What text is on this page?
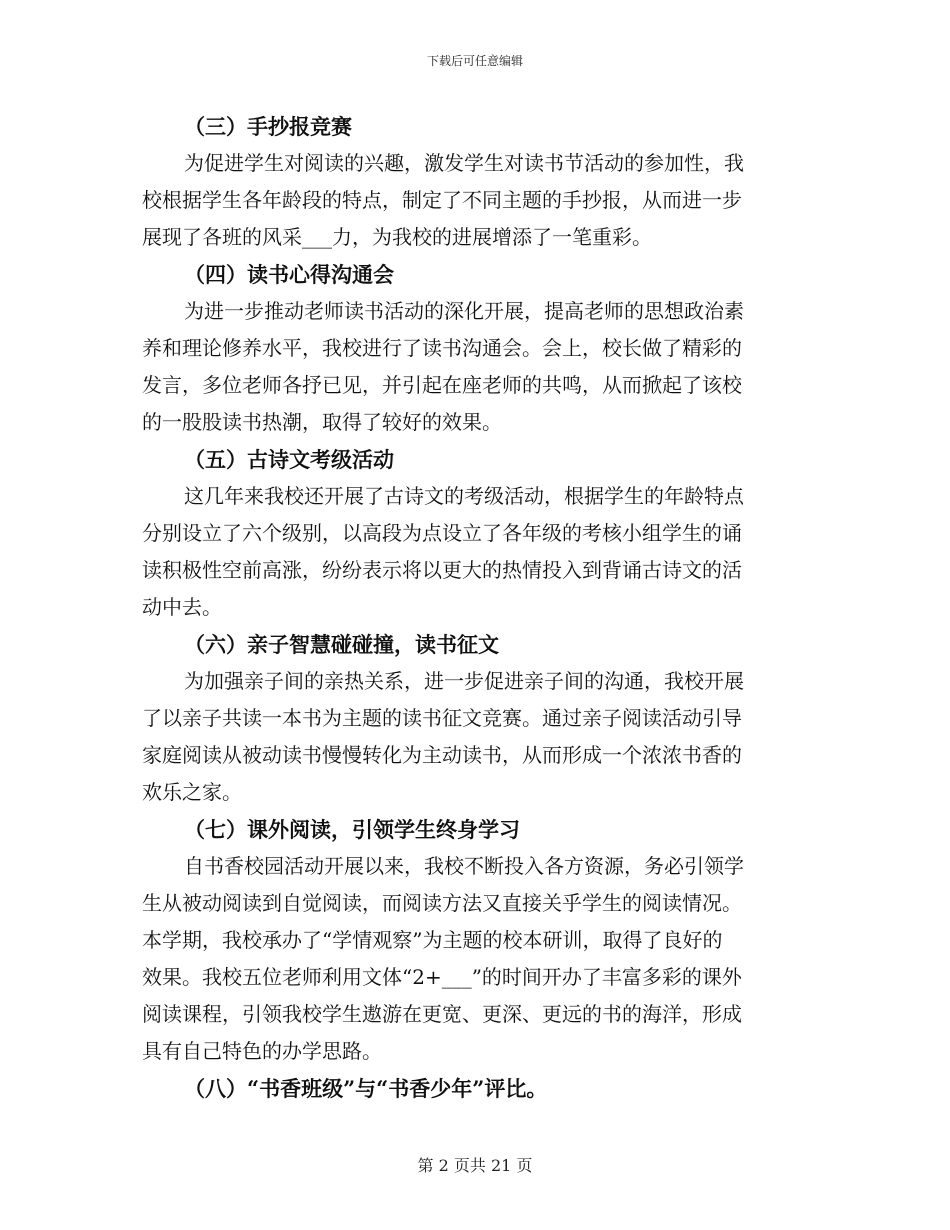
下载后可任意编辑
（三）手抄报竞赛

为促进学生对阅读的兴趣，激发学生对读书节活动的参加性，我
校根据学生各年龄段的特点，制定了不同主题的手抄报，从而进一步
展现了各班的风采___力，为我校的进展增添了一笔重彩。

（四）读书心得沟通会

为进一步推动老师读书活动的深化开展，提高老师的思想政治素
养和理论修养水平，我校进行了读书沟通会。会上，校长做了精彩的
发言，多位老师各抒已见，并引起在座老师的共鸣，从而掀起了该校
的一股股读书热潮，取得了较好的效果。

（五）古诗文考级活动

这几年来我校还开展了古诗文的考级活动，根据学生的年龄特点
分别设立了六个级别，以高段为点设立了各年级的考核小组学生的诵
读积极性空前高涨，纷纷表示将以更大的热情投入到背诵古诗文的活
动中去。

（六）亲子智慧碰碰撞，读书征文

为加强亲子间的亲热关系，进一步促进亲子间的沟通，我校开展
了以亲子共读一本书为主题的读书征文竞赛。通过亲子阅读活动引导
家庭阅读从被动读书慢慢转化为主动读书，从而形成一个浓浓书香的
欢乐之家。

（七）课外阅读，引领学生终身学习

自书香校园活动开展以来，我校不断投入各方资源，务必引领学
生从被动阅读到自觉阅读，而阅读方法又直接关乎学生的阅读情况。
本学期，我校承办了“学情观察”为主题的校本研训，取得了良好的
效果。我校五位老师利用文体“2+___”的时间开办了丰富多彩的课外
阅读课程，引领我校学生遨游在更宽、更深、更远的书的海洋，形成
具有自己特色的办学思路。

（八）“书香班级”与“书香少年”评比。
第 2 页共 21 页
